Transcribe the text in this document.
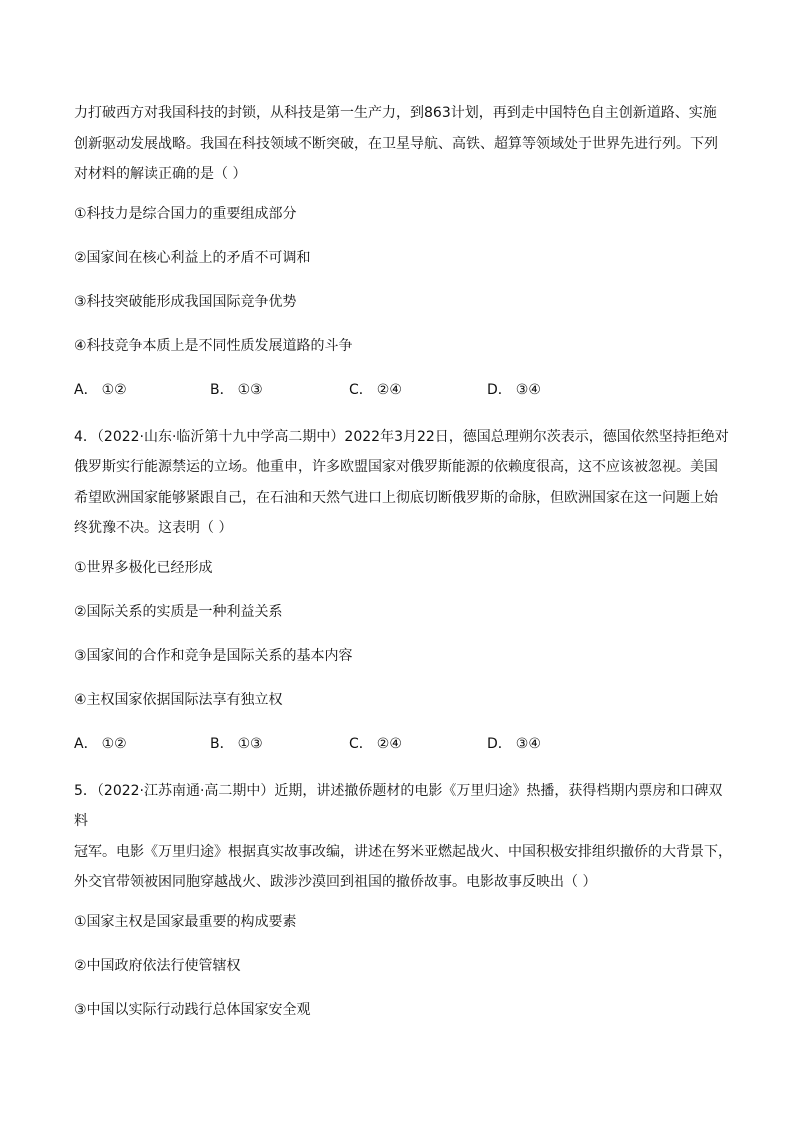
力打破西方对我国科技的封锁，从科技是第一生产力，到863计划，再到走中国特色自主创新道路、实施
创新驱动发展战略。我国在科技领域不断突破，在卫星导航、高铁、超算等领域处于世界先进行列。下列
对材料的解读正确的是（ ）

①科技力是综合国力的重要组成部分

②国家间在核心利益上的矛盾不可调和

③科技突破能形成我国国际竞争优势

④科技竞争本质上是不同性质发展道路的斗争

A． ①②	B． ①③	C． ②④	D． ③④

4．（2022·山东·临沂第十九中学高二期中）2022年3月22日，德国总理朔尔茨表示，德国依然坚持拒绝对
俄罗斯实行能源禁运的立场。他重申，许多欧盟国家对俄罗斯能源的依赖度很高，这不应该被忽视。美国
希望欧洲国家能够紧跟自己，在石油和天然气进口上彻底切断俄罗斯的命脉，但欧洲国家在这一问题上始
终犹豫不决。这表明（ ）

①世界多极化已经形成

②国际关系的实质是一种利益关系

③国家间的合作和竞争是国际关系的基本内容

④主权国家依据国际法享有独立权

A． ①②	B． ①③	C． ②④	D． ③④

5．（2022·江苏南通·高二期中）近期，讲述撤侨题材的电影《万里归途》热播，获得档期内票房和口碑双料
冠军。电影《万里归途》根据真实故事改编，讲述在努米亚燃起战火、中国积极安排组织撤侨的大背景下，
外交官带领被困同胞穿越战火、跋涉沙漠回到祖国的撤侨故事。电影故事反映出（ ）

①国家主权是国家最重要的构成要素

②中国政府依法行使管辖权

③中国以实际行动践行总体国家安全观
